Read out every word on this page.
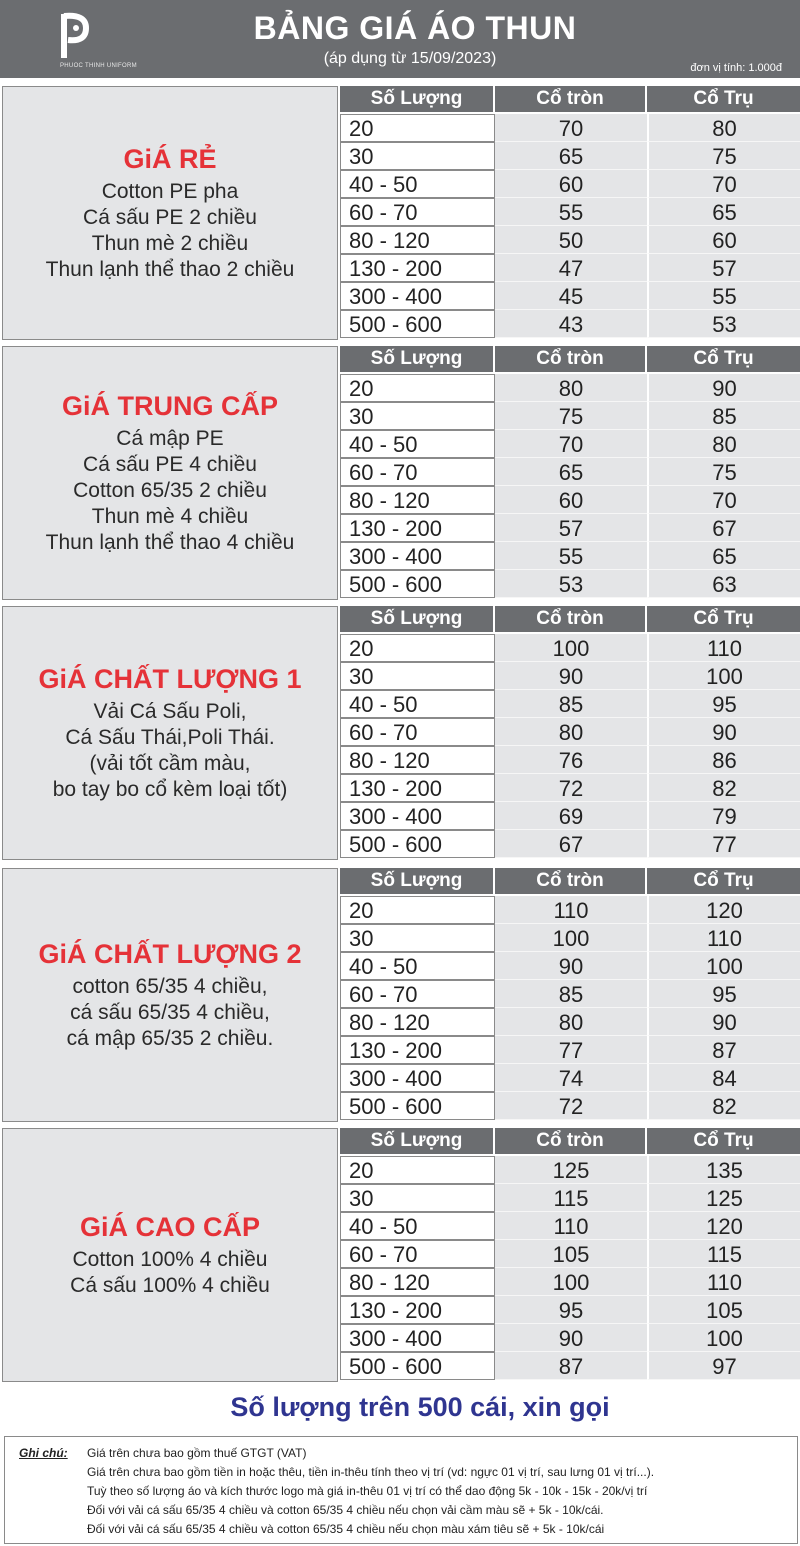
PHUOC THINH UNIFORM
BẢNG GIÁ ÁO THUN
(áp dụng từ 15/09/2023)
đơn vị tính: 1.000đ
GiÁ RẺ
Cotton PE pha
Cá sấu PE 2 chiều
Thun mè 2 chiều
Thun lạnh thể thao 2 chiều
Số Lượng	Cổ tròn	Cổ Trụ
20	70	80
30	65	75
40 - 50	60	70
60 - 70	55	65
80 - 120	50	60
130 - 200	47	57
300 - 400	45	55
500 - 600	43	53
GiÁ TRUNG CẤP
Cá mập PE
Cá sấu PE 4 chiều
Cotton 65/35 2 chiều
Thun mè 4 chiều
Thun lạnh thể thao 4 chiều
Số Lượng	Cổ tròn	Cổ Trụ
20	80	90
30	75	85
40 - 50	70	80
60 - 70	65	75
80 - 120	60	70
130 - 200	57	67
300 - 400	55	65
500 - 600	53	63
GiÁ CHẤT LƯỢNG 1
Vải Cá Sấu Poli,
Cá Sấu Thái,Poli Thái.
(vải tốt cầm màu,
bo tay bo cổ kèm loại tốt)
Số Lượng	Cổ tròn	Cổ Trụ
20	100	110
30	90	100
40 - 50	85	95
60 - 70	80	90
80 - 120	76	86
130 - 200	72	82
300 - 400	69	79
500 - 600	67	77
GiÁ CHẤT LƯỢNG 2
cotton 65/35 4 chiều,
cá sấu 65/35 4 chiều,
cá mập 65/35 2 chiều.
Số Lượng	Cổ tròn	Cổ Trụ
20	110	120
30	100	110
40 - 50	90	100
60 - 70	85	95
80 - 120	80	90
130 - 200	77	87
300 - 400	74	84
500 - 600	72	82
GiÁ CAO CẤP
Cotton 100% 4 chiều
Cá sấu 100% 4 chiều
Số Lượng	Cổ tròn	Cổ Trụ
20	125	135
30	115	125
40 - 50	110	120
60 - 70	105	115
80 - 120	100	110
130 - 200	95	105
300 - 400	90	100
500 - 600	87	97
Số lượng trên 500 cái, xin gọi
Ghi chú: Giá trên chưa bao gồm thuế GTGT (VAT)
Giá trên chưa bao gồm tiền in hoặc thêu, tiền in-thêu tính theo vị trí (vd: ngực 01 vị trí, sau lưng 01 vị trí...).
Tuỳ theo số lượng áo và kích thước logo mà giá in-thêu 01 vị trí có thể dao động 5k - 10k - 15k - 20k/vị trí
Đối với vải cá sấu 65/35 4 chiều và cotton 65/35 4 chiều nếu chọn vải cầm màu sẽ + 5k - 10k/cái.
Đối với vải cá sấu 65/35 4 chiều và cotton 65/35 4 chiều nếu chọn màu xám tiêu sẽ + 5k - 10k/cái
